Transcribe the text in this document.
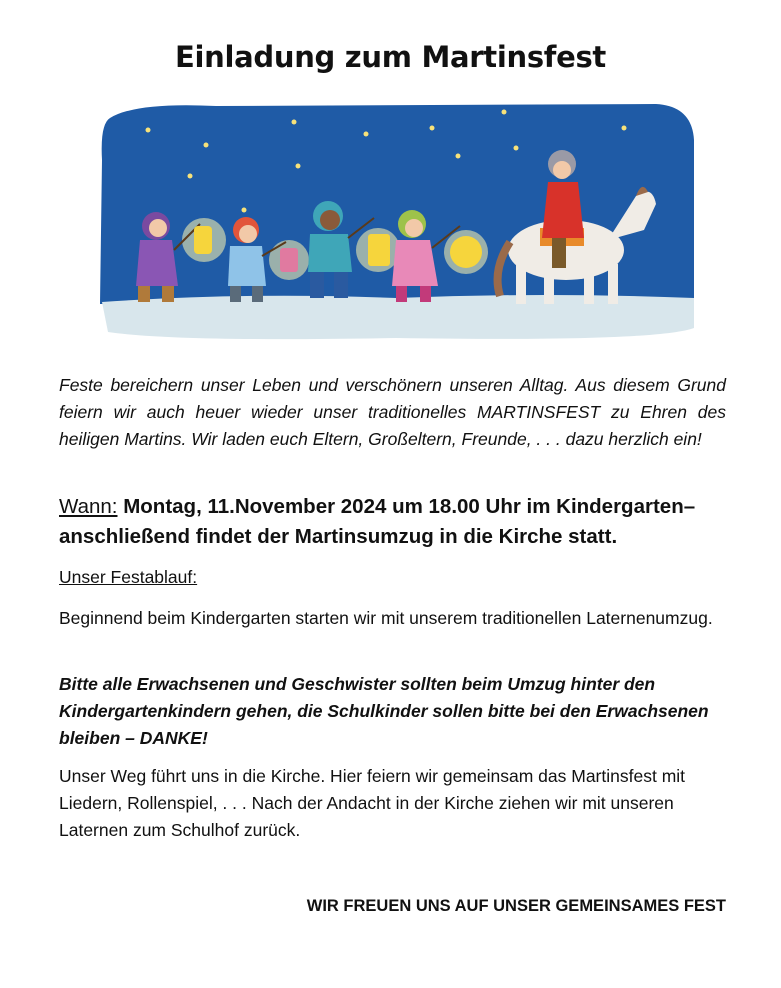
Einladung zum Martinsfest
Feste bereichern unser Leben und verschönern unseren Alltag. Aus diesem Grund feiern wir auch heuer wieder unser traditionelles MARTINSFEST zu Ehren des heiligen Martins. Wir laden euch Eltern, Großeltern, Freunde, . . . dazu herzlich ein!
Wann: Montag, 11.November 2024 um 18.00 Uhr im Kindergarten– anschließend findet der Martinsumzug in die Kirche statt.
Unser Festablauf:
Beginnend beim Kindergarten starten wir mit unserem traditionellen Laternenumzug.
Bitte alle Erwachsenen und Geschwister sollten beim Umzug hinter den Kindergartenkindern gehen, die Schulkinder sollen bitte bei den Erwachsenen bleiben – DANKE!
Unser Weg führt uns in die Kirche. Hier feiern wir gemeinsam das Martinsfest mit Liedern, Rollenspiel, . . . Nach der Andacht in der Kirche ziehen wir mit unseren Laternen zum Schulhof zurück.
WIR FREUEN UNS AUF UNSER GEMEINSAMES FEST
